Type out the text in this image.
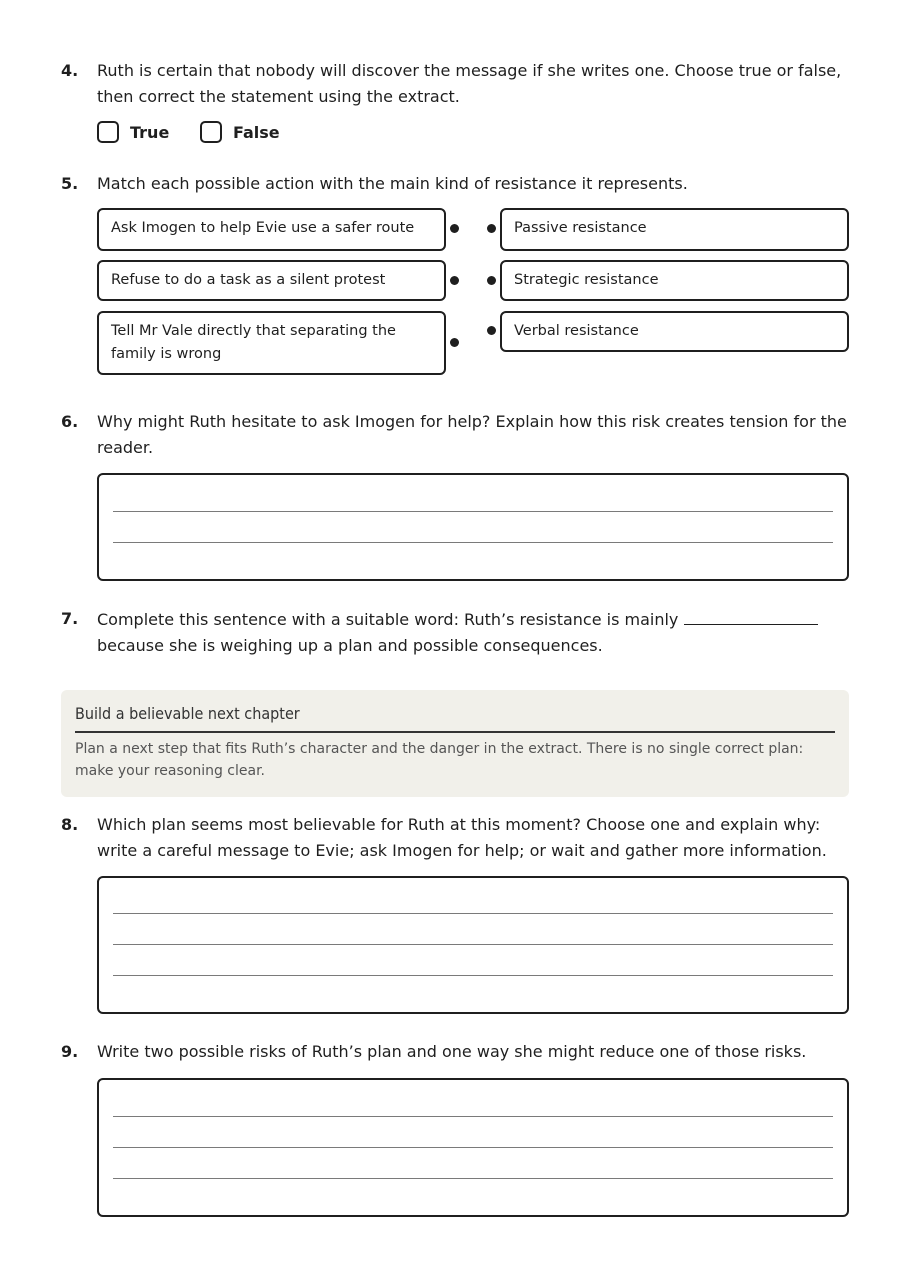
4.	Ruth is certain that nobody will discover the message if she writes one. Choose true or false, then correct the statement using the extract.
True	False
5.	Match each possible action with the main kind of resistance it represents.
Ask Imogen to help Evie use a safer route
Refuse to do a task as a silent protest
Tell Mr Vale directly that separating the family is wrong
Passive resistance
Strategic resistance
Verbal resistance
6.	Why might Ruth hesitate to ask Imogen for help? Explain how this risk creates tension for the reader.
7.	Complete this sentence with a suitable word: Ruth’s resistance is mainly
because she is weighing up a plan and possible consequences.
Build a believable next chapter
Plan a next step that fits Ruth’s character and the danger in the extract. There is no single correct plan: make your reasoning clear.
8.	Which plan seems most believable for Ruth at this moment? Choose one and explain why: write a careful message to Evie; ask Imogen for help; or wait and gather more information.
9.	Write two possible risks of Ruth’s plan and one way she might reduce one of those risks.
